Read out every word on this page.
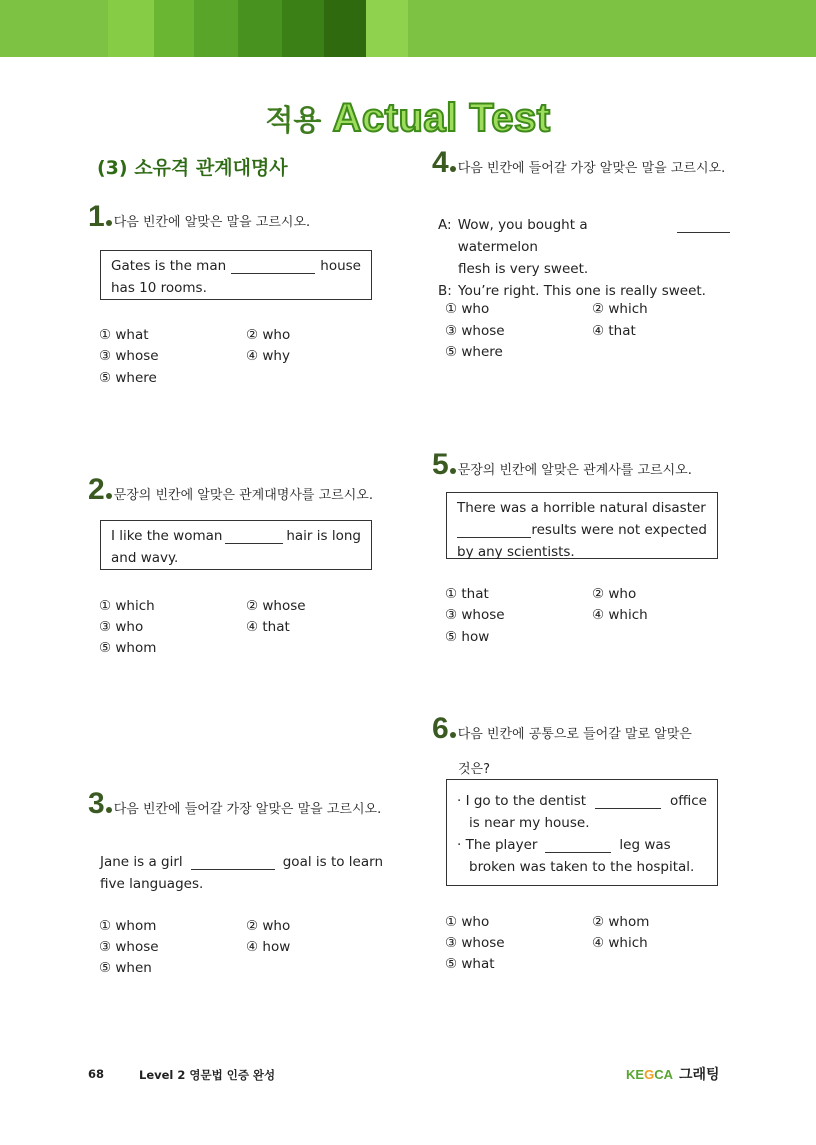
적용 Actual Test
(3) 소유격 관계대명사
1 다음 빈칸에 알맞은 말을 고르시오.
Gates is the man	house
has 10 rooms.
① what	② who
③ whose	④ why
⑤ where
2 문장의 빈칸에 알맞은 관계대명사를 고르시오.
I like the woman	hair is long
and wavy.
① which	② whose
③ who	④ that
⑤ whom
3 다음 빈칸에 들어갈 가장 알맞은 말을 고르시오.
Jane is a girl	goal is to learn
five languages.
① whom	② who
③ whose	④ how
⑤ when
4 다음 빈칸에 들어갈 가장 알맞은 말을 고르시오.
A: Wow, you bought a watermelon
flesh is very sweet.
B: You’re right. This one is really sweet.
① who	② which
③ whose	④ that
⑤ where
5 문장의 빈칸에 알맞은 관계사를 고르시오.
There was a horrible natural disaster
results were not expected
by any scientists.
① that	② who
③ whose	④ which
⑤ how
6 다음 빈칸에 공통으로 들어갈 말로 알맞은
것은?
· I go to the dentist	office
is near my house.
· The player	leg was
broken was taken to the hospital.
① who	② whom
③ whose	④ which
⑤ what
68	Level 2 영문법 인증 완성	KEGCA 그래팅
